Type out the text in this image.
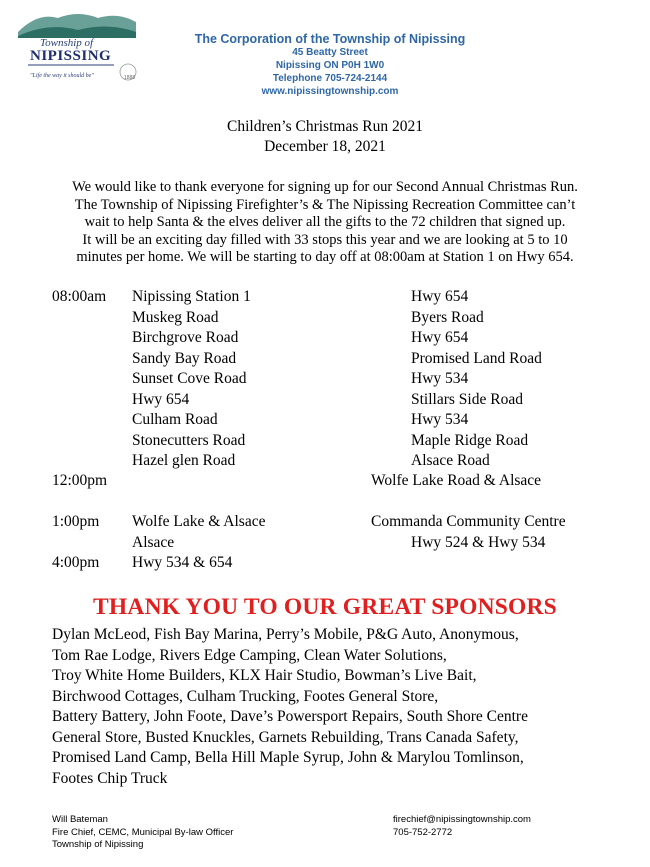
Township of
NIPISSING
"Life the way it should be"	1888
The Corporation of the Township of Nipissing
45 Beatty Street
Nipissing ON P0H 1W0
Telephone 705-724-2144
www.nipissingtownship.com
Children’s Christmas Run 2021
December 18, 2021
We would like to thank everyone for signing up for our Second Annual Christmas Run.
The Township of Nipissing Firefighter’s & The Nipissing Recreation Committee can’t
wait to help Santa & the elves deliver all the gifts to the 72 children that signed up.
It will be an exciting day filled with 33 stops this year and we are looking at 5 to 10
minutes per home. We will be starting to day off at 08:00am at Station 1 on Hwy 654.
08:00am Nipissing Station 1
Muskeg Road
Birchgrove Road
Sandy Bay Road
Sunset Cove Road
Hwy 654
Culham Road
Stonecutters Road
Hazel glen Road
Hwy 654
Byers Road
Hwy 654
Promised Land Road
Hwy 534
Stillars Side Road
Hwy 534
Maple Ridge Road
Alsace Road
12:00pm	Wolfe Lake Road & Alsace
1:00pm Wolfe Lake & Alsace
Alsace
Commanda Community Centre
Hwy 524 & Hwy 534
4:00pm Hwy 534 & 654
THANK YOU TO OUR GREAT SPONSORS
Dylan McLeod, Fish Bay Marina, Perry’s Mobile, P&G Auto, Anonymous,
Tom Rae Lodge, Rivers Edge Camping, Clean Water Solutions,
Troy White Home Builders, KLX Hair Studio, Bowman’s Live Bait,
Birchwood Cottages, Culham Trucking, Footes General Store,
Battery Battery, John Foote, Dave’s Powersport Repairs, South Shore Centre
General Store, Busted Knuckles, Garnets Rebuilding, Trans Canada Safety,
Promised Land Camp, Bella Hill Maple Syrup, John & Marylou Tomlinson,
Footes Chip Truck
Will Bateman
Fire Chief, CEMC, Municipal By-law Officer
Township of Nipissing
firechief@nipissingtownship.com
705-752-2772
